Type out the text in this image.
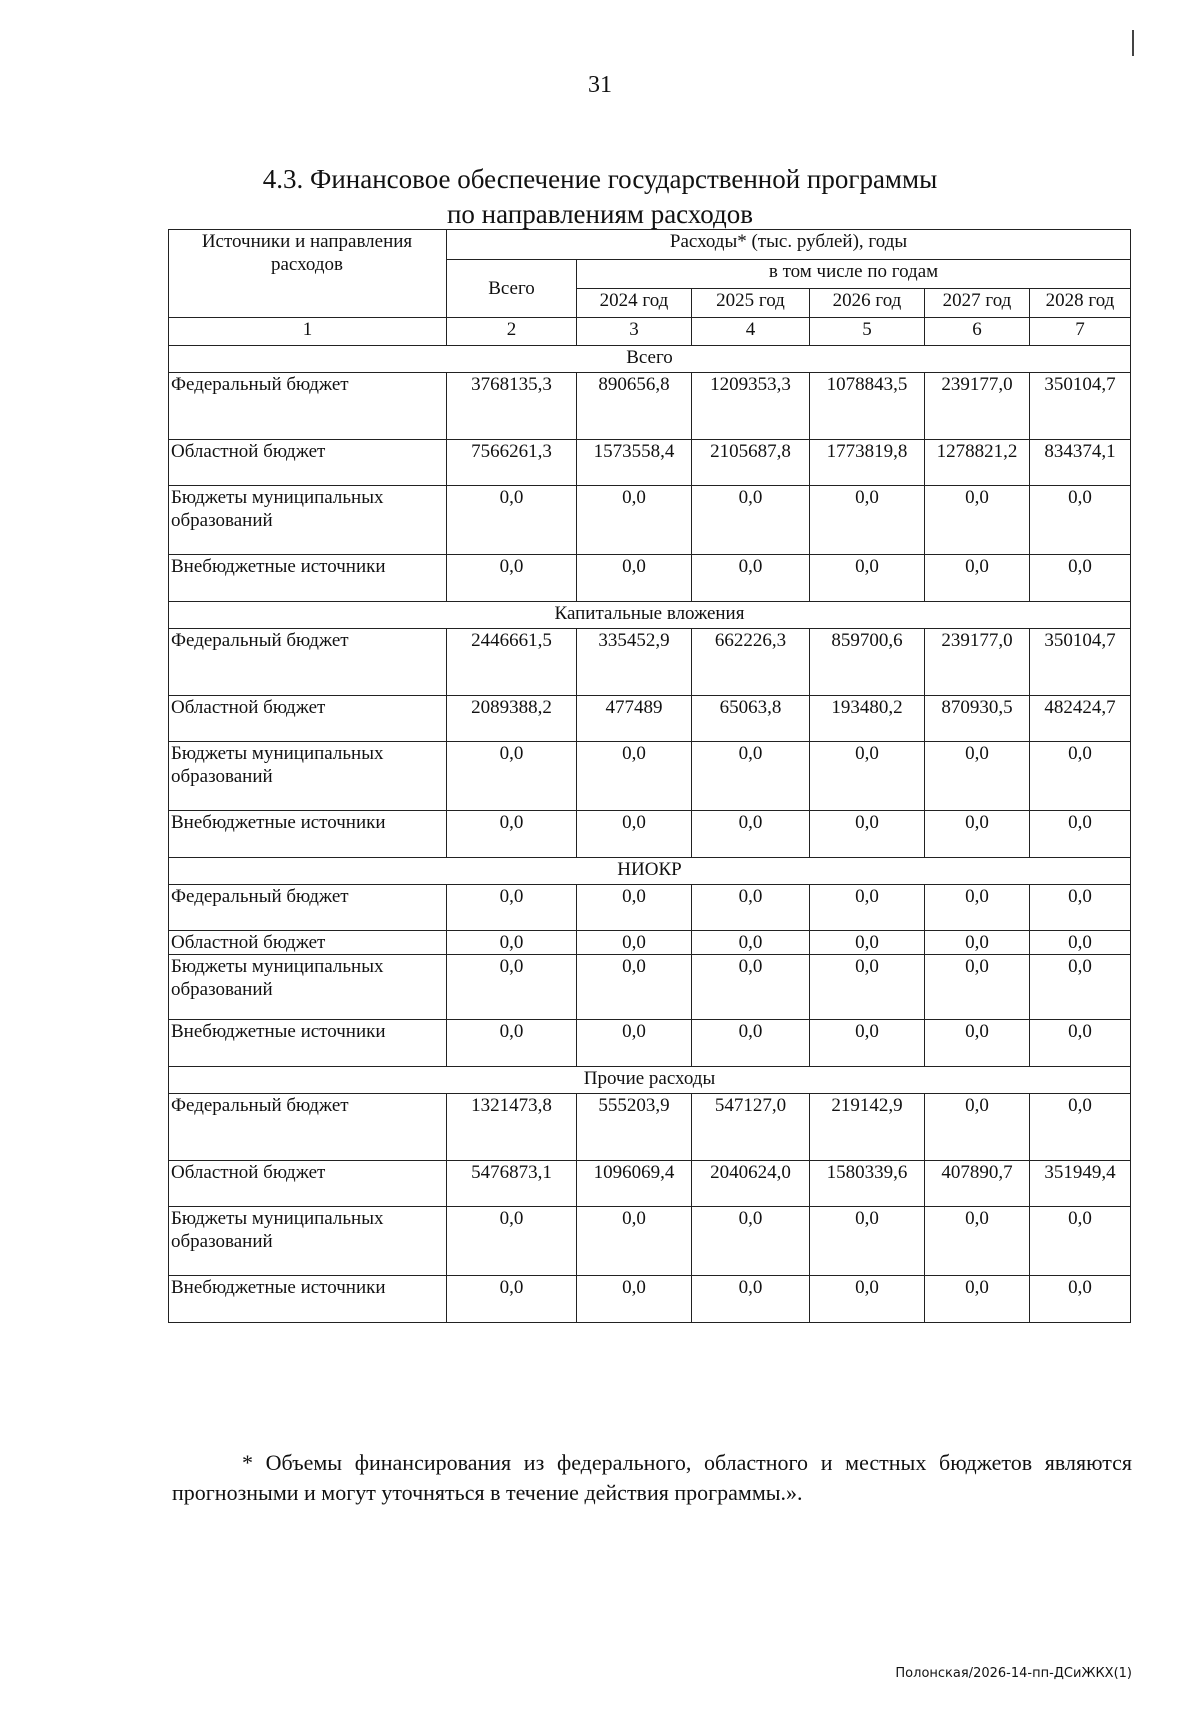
31
4.3. Финансовое обеспечение государственной программы
по направлениям расходов
Источники и направления расходов	Расходы* (тыс. рублей), годы					
	Всего	в том числе по годам				
		2024 год	2025 год	2026 год	2027 год	2028 год
1	2	3	4	5	6	7
Всего						
Федеральный бюджет	3768135,3	890656,8	1209353,3	1078843,5	239177,0	350104,7
Областной бюджет	7566261,3	1573558,4	2105687,8	1773819,8	1278821,2	834374,1
Бюджеты муниципальных образований	0,0	0,0	0,0	0,0	0,0	0,0
Внебюджетные источники	0,0	0,0	0,0	0,0	0,0	0,0
Капитальные вложения						
Федеральный бюджет	2446661,5	335452,9	662226,3	859700,6	239177,0	350104,7
Областной бюджет	2089388,2	477489	65063,8	193480,2	870930,5	482424,7
Бюджеты муниципальных образований	0,0	0,0	0,0	0,0	0,0	0,0
Внебюджетные источники	0,0	0,0	0,0	0,0	0,0	0,0
НИОКР						
Федеральный бюджет	0,0	0,0	0,0	0,0	0,0	0,0
Областной бюджет	0,0	0,0	0,0	0,0	0,0	0,0
Бюджеты муниципальных образований	0,0	0,0	0,0	0,0	0,0	0,0
Внебюджетные источники	0,0	0,0	0,0	0,0	0,0	0,0
Прочие расходы						
Федеральный бюджет	1321473,8	555203,9	547127,0	219142,9	0,0	0,0
Областной бюджет	5476873,1	1096069,4	2040624,0	1580339,6	407890,7	351949,4
Бюджеты муниципальных образований	0,0	0,0	0,0	0,0	0,0	0,0
Внебюджетные источники	0,0	0,0	0,0	0,0	0,0	0,0
* Объемы финансирования из федерального, областного и местных бюджетов являются прогнозными и могут уточняться в течение действия программы.».
Полонская/2026-14-пп-ДСиЖКХ(1)
